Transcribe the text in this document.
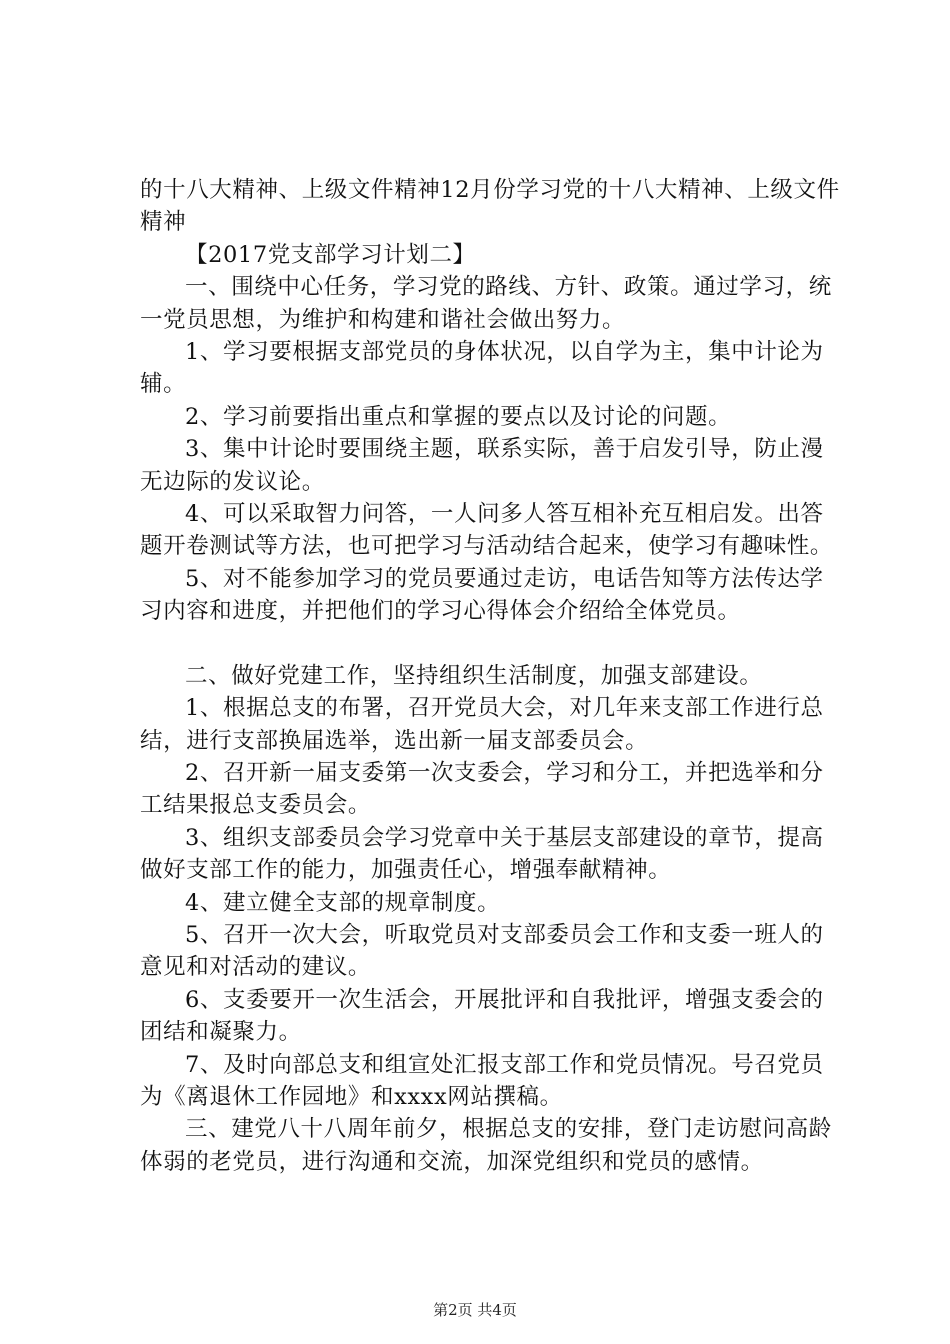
的十八大精神、上级文件精神12月份学习党的十八大精神、上级文件精神

【2017党支部学习计划二】

一、围绕中心任务，学习党的路线、方针、政策。通过学习，统一党员思想，为维护和构建和谐社会做出努力。

1、学习要根据支部党员的身体状况，以自学为主，集中计论为辅。

2、学习前要指出重点和掌握的要点以及讨论的问题。

3、集中计论时要围绕主题，联系实际，善于启发引导，防止漫无边际的发议论。

4、可以采取智力问答，一人问多人答互相补充互相启发。出答题开卷测试等方法，也可把学习与活动结合起来，使学习有趣味性。

5、对不能参加学习的党员要通过走访，电话告知等方法传达学习内容和进度，并把他们的学习心得体会介绍给全体党员。

二、做好党建工作，坚持组织生活制度，加强支部建设。

1、根据总支的布署，召开党员大会，对几年来支部工作进行总结，进行支部换届选举，选出新一届支部委员会。

2、召开新一届支委第一次支委会，学习和分工，并把选举和分工结果报总支委员会。

3、组织支部委员会学习党章中关于基层支部建设的章节，提高做好支部工作的能力，加强责任心，增强奉献精神。

4、建立健全支部的规章制度。

5、召开一次大会，听取党员对支部委员会工作和支委一班人的意见和对活动的建议。

6、支委要开一次生活会，开展批评和自我批评，增强支委会的团结和凝聚力。

7、及时向部总支和组宣处汇报支部工作和党员情况。号召党员为《离退休工作园地》和xxxx网站撰稿。

三、建党八十八周年前夕，根据总支的安排，登门走访慰问高龄体弱的老党员，进行沟通和交流，加深党组织和党员的感情。

第2页 共4页
